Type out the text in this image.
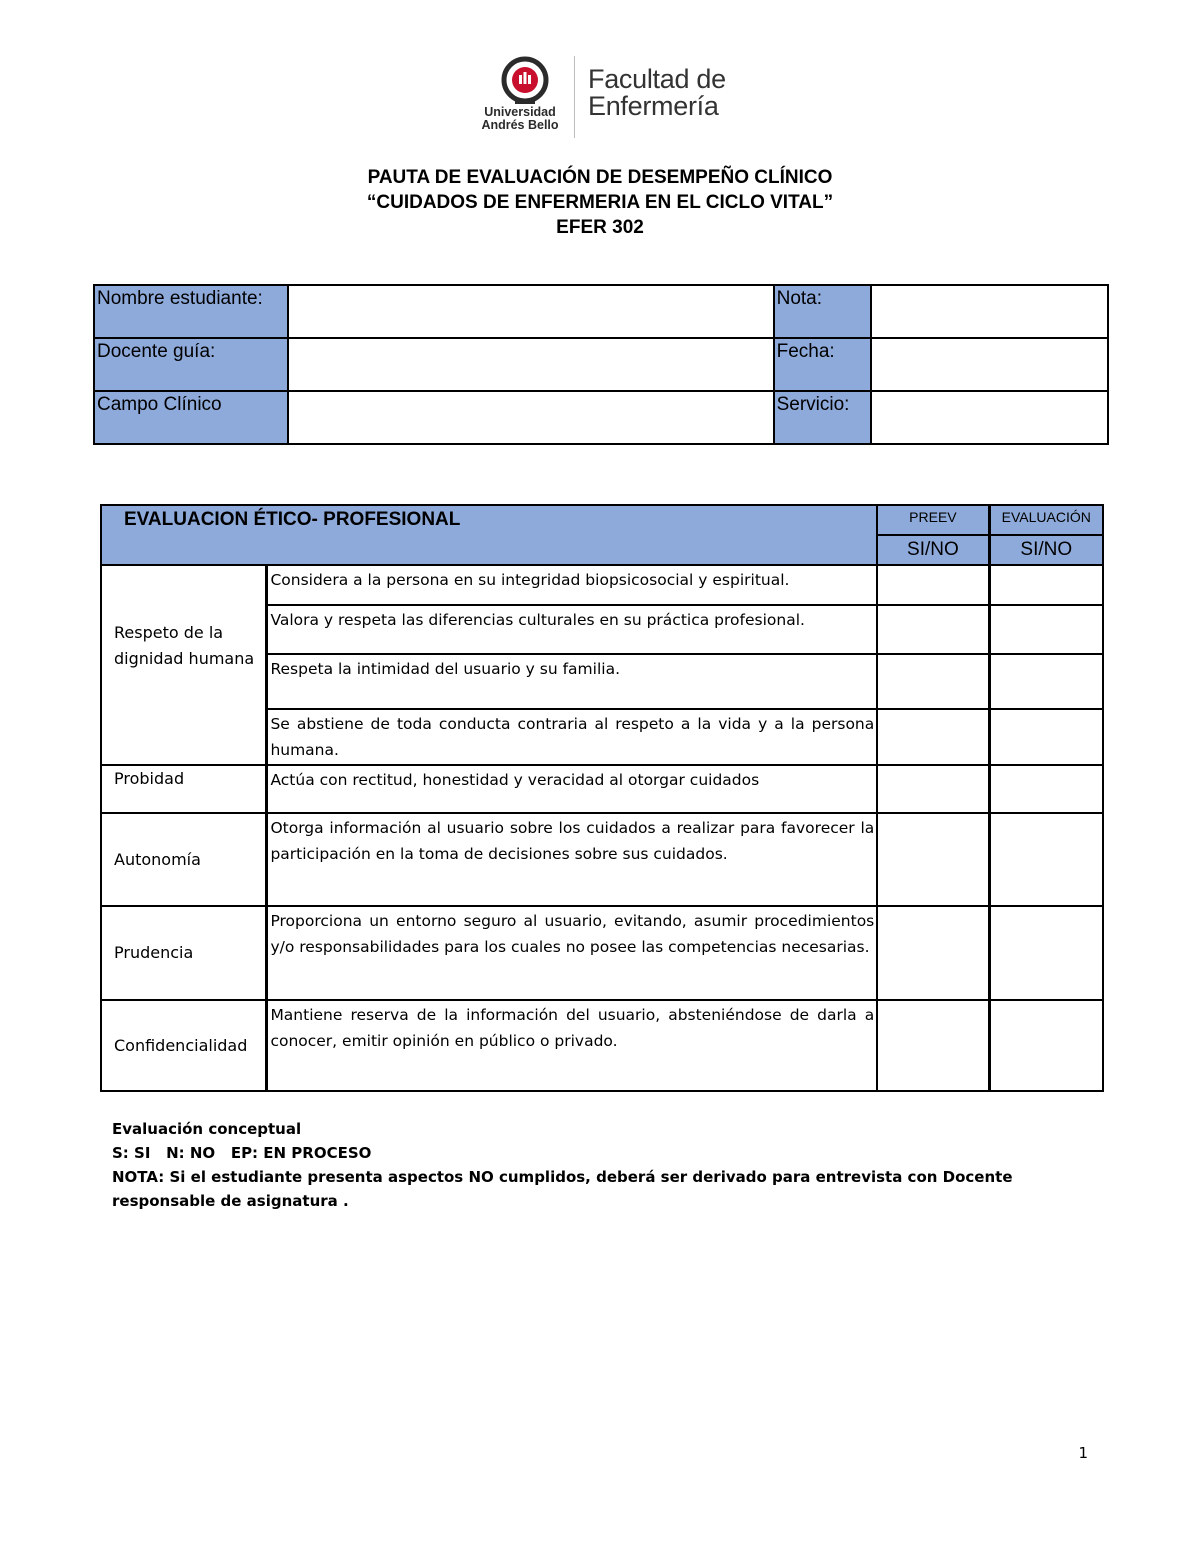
Universidad Andrés Bello
Facultad de
Enfermería
PAUTA DE EVALUACIÓN DE DESEMPEÑO CLÍNICO
“CUIDADOS DE ENFERMERIA EN EL CICLO VITAL”
EFER 302
Nombre estudiante:		Nota:	
Docente guía:		Fecha:	
Campo Clínico		Servicio:	
EVALUACION ÉTICO- PROFESIONAL		PREEV	EVALUACIÓN
		SI/NO	SI/NO

Respeto de la dignidad humana	Considera a la persona en su integridad biopsicosocial y espiritual.		
	Valora y respeta las diferencias culturales en su práctica profesional.		
	Respeta la intimidad del usuario y su familia.		
	Se abstiene de toda conducta contraria al respeto a la vida y a la persona humana.		
Probidad	Actúa con rectitud, honestidad y veracidad al otorgar cuidados		
Autonomía	Otorga información al usuario sobre los cuidados a realizar para favorecer la participación en la toma de decisiones sobre sus cuidados.		
Prudencia	Proporciona un entorno seguro al usuario, evitando, asumir procedimientos y/o responsabilidades para los cuales no posee las competencias necesarias.		
Confidencialidad	Mantiene reserva de la información del usuario, absteniéndose de darla a conocer, emitir opinión en público o privado.		
Evaluación conceptual
S: SI   N: NO   EP: EN PROCESO
NOTA: Si el estudiante presenta aspectos NO cumplidos, deberá ser derivado para entrevista con Docente responsable de asignatura .
1
